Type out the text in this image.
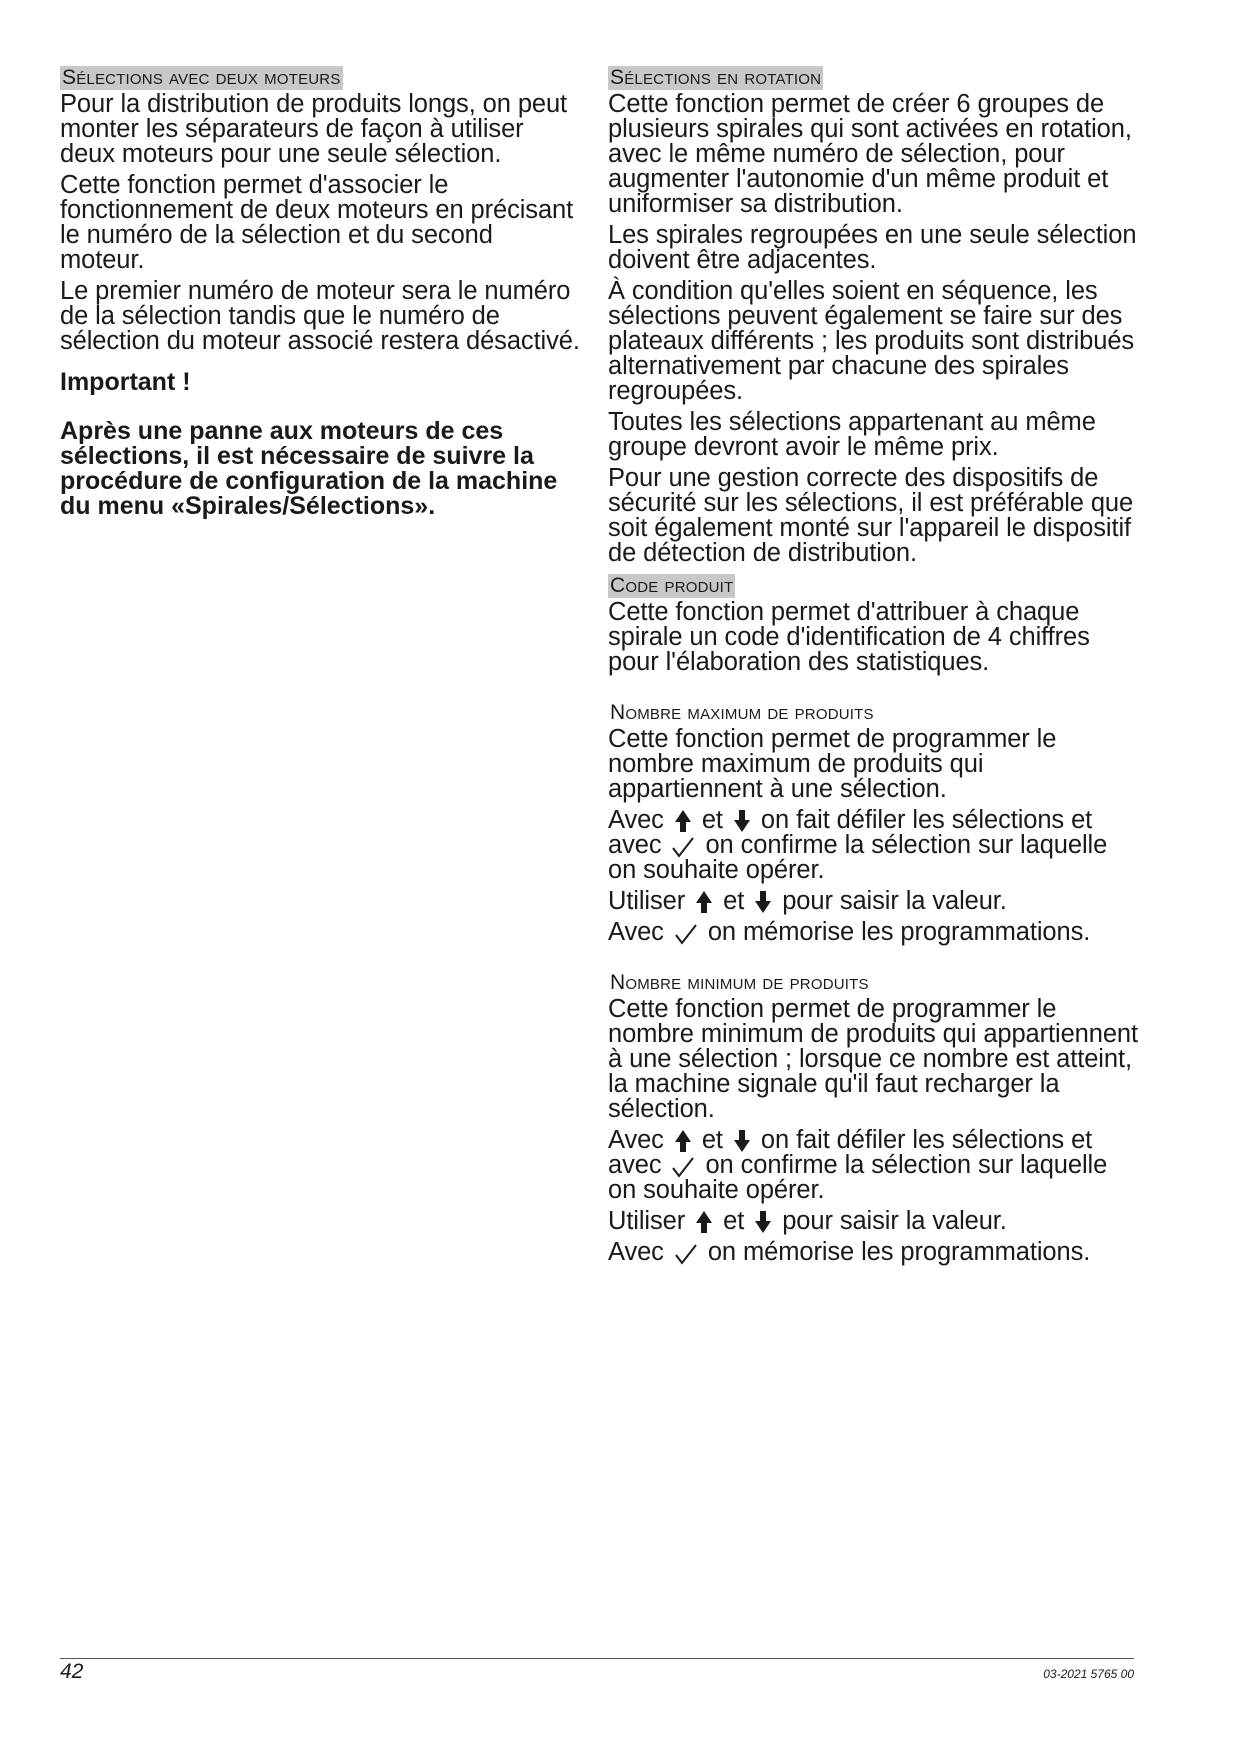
Sélections avec deux moteurs

Pour la distribution de produits longs, on peut monter les séparateurs de façon à utiliser deux moteurs pour une seule sélection.

Cette fonction permet d'associer le fonctionnement de deux moteurs en précisant le numéro de la sélection et du second moteur.

Le premier numéro de moteur sera le numéro de la sélection tandis que le numéro de sélection du moteur associé restera désactivé.

Important !

Après une panne aux moteurs de ces sélections, il est nécessaire de suivre la procédure de configuration de la machine du menu «Spirales/Sélections».

Sélections en rotation

Cette fonction permet de créer 6 groupes de plusieurs spirales qui sont activées en rotation, avec le même numéro de sélection, pour augmenter l'autonomie d'un même produit et uniformiser sa distribution.

Les spirales regroupées en une seule sélection doivent être adjacentes.

À condition qu'elles soient en séquence, les sélections peuvent également se faire sur des plateaux différents ; les produits sont distribués alternativement par chacune des spirales regroupées.

Toutes les sélections appartenant au même groupe devront avoir le même prix.

Pour une gestion correcte des dispositifs de sécurité sur les sélections, il est préférable que soit également monté sur l'appareil le dispositif de détection de distribution.

Code produit

Cette fonction permet d'attribuer à chaque spirale un code d'identification de 4 chiffres pour l'élaboration des statistiques.

Nombre maximum de produits

Cette fonction permet de programmer le nombre maximum de produits qui appartiennent à une sélection.

Avec et on fait défiler les sélections et avec on confirme la sélection sur laquelle on souhaite opérer.

Utiliser et pour saisir la valeur.

Avec on mémorise les programmations.

Nombre minimum de produits

Cette fonction permet de programmer le nombre minimum de produits qui appartiennent à une sélection ; lorsque ce nombre est atteint, la machine signale qu'il faut recharger la sélection.

Avec et on fait défiler les sélections et avec on confirme la sélection sur laquelle on souhaite opérer.

Utiliser et pour saisir la valeur.

Avec on mémorise les programmations.

42	03-2021 5765 00
